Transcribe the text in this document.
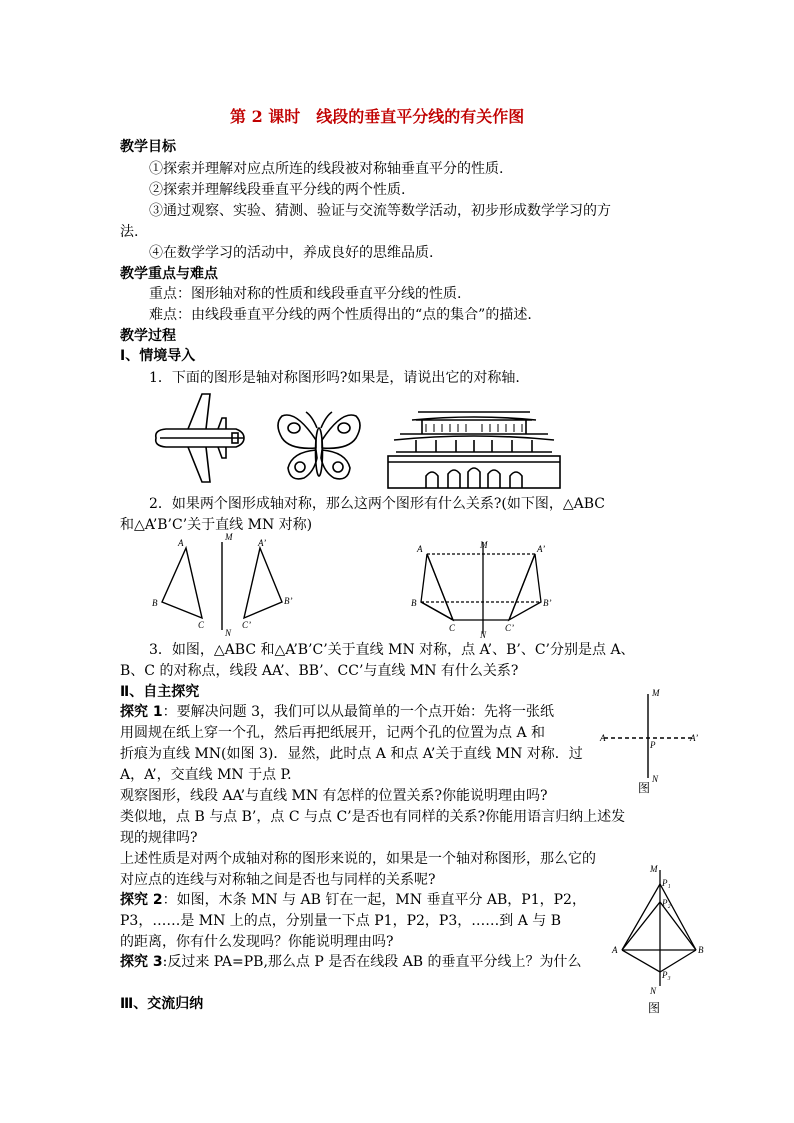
第 2 课时　线段的垂直平分线的有关作图
教学目标
①探索并理解对应点所连的线段被对称轴垂直平分的性质.
②探索并理解线段垂直平分线的两个性质.
③通过观察、实验、猜测、验证与交流等数学活动，初步形成数学学习的方
法.
④在数学学习的活动中，养成良好的思维品质.
教学重点与难点
重点：图形轴对称的性质和线段垂直平分线的性质.
难点：由线段垂直平分线的两个性质得出的“点的集合”的描述.
教学过程
Ⅰ、情境导入
1．下面的图形是轴对称图形吗?如果是，请说出它的对称轴.
2．如果两个图形成轴对称，那么这两个图形有什么关系?(如下图，△ABC
和△A’B’C’关于直线 MN 对称)
A
B
C
M
N
A’
B’
C’
A
B
C
M
N
A’
B’
C’
3．如图，△ABC 和△A’B’C’关于直线 MN 对称，点 A’、B’、C’分别是点 A、
B、C 的对称点，线段 AA’、BB’、CC’与直线 MN 有什么关系?
Ⅱ、自主探究
探究 1：要解决问题 3，我们可以从最简单的一个点开始：先将一张纸
用圆规在纸上穿一个孔，然后再把纸展开，记两个孔的位置为点 A 和
折痕为直线 MN(如图 3)．显然，此时点 A 和点 A’关于直线 MN 对称．过
A，A’，交直线 MN 于点 P.
观察图形，线段 AA’与直线 MN 有怎样的位置关系?你能说明理由吗?
类似地，点 B 与点 B’，点 C 与点 C’是否也有同样的关系?你能用语言归纳上述发
现的规律吗?
上述性质是对两个成轴对称的图形来说的，如果是一个轴对称图形，那么它的
对应点的连线与对称轴之间是否也与同样的关系呢?
M
A
P
A’
N
图
探究 2：如图，木条 MN 与 AB 钉在一起，MN 垂直平分 AB，P1，P2，
P3，……是 MN 上的点，分别量一下点 P1，P2，P3，……到 A 与 B
的距离，你有什么发现吗？你能说明理由吗?
探究 3:反过来 PA=PB,那么点 P 是否在线段 AB 的垂直平分线上？为什么
M
P₁
P₂
A	B
P₃
N
图
Ⅲ、交流归纳
